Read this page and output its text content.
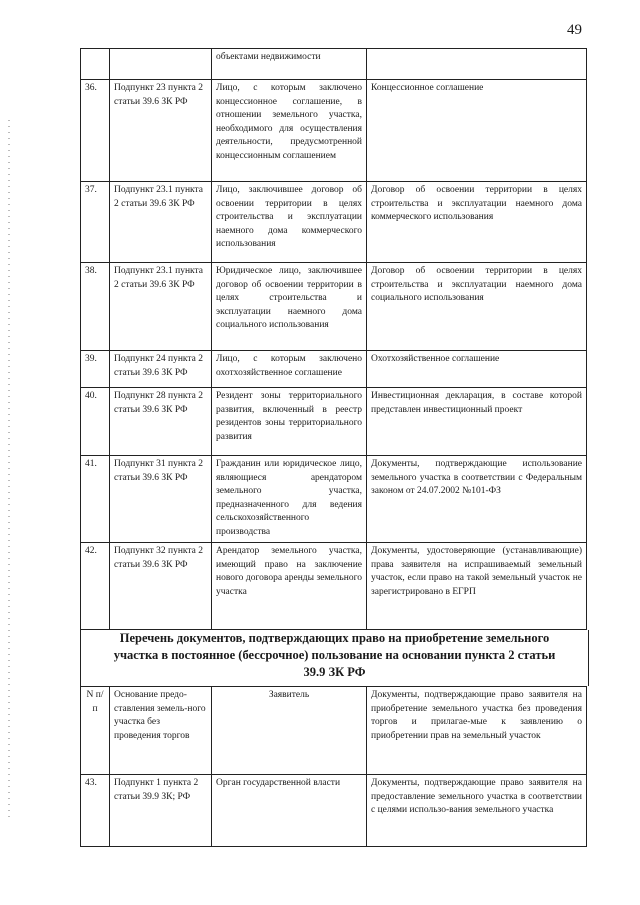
49
		объектами недвижимости	
36.	Подпункт 23 пункта 2 статьи 39.6 ЗК РФ	Лицо, с которым заключено концессионное соглашение, в отношении земельного участка, необходимого для осуществления деятельности, предусмотренной концессионным соглашением	Концессионное соглашение

37.	Подпункт 23.1 пункта 2 статьи 39.6 ЗК РФ	Лицо, заключившее договор об освоении территории в целях строительства и эксплуатации наемного дома коммерческого использования	Договор об освоении территории в целях строительства и эксплуатации наемного дома коммерческого использования

38.	Подпункт 23.1 пункта 2 статьи 39.6 ЗК РФ	Юридическое лицо, заключившее договор об освоении территории в целях строительства и эксплуатации наемного дома социального использования	Договор об освоении территории в целях строительства и эксплуатации наемного дома социального использования

39.	Подпункт 24 пункта 2 статьи 39.6 ЗК РФ	Лицо, с которым заключено охотхозяйственное соглашение	Охотхозяйственное соглашение

40.	Подпункт 28 пункта 2 статьи 39.6 ЗК РФ	Резидент зоны территориального развития, включенный в реестр резидентов зоны территориального развития	Инвестиционная декларация, в составе которой представлен инвестиционный проект

41.	Подпункт 31 пункта 2 статьи 39.6 ЗК РФ	Гражданин или юридическое лицо, являющиеся арендатором земельного участка, предназначенного для ведения сельскохозяйственного производства	Документы, подтверждающие использование земельного участка в соответствии с Федеральным законом от 24.07.2002 №101-ФЗ

42.	Подпункт 32 пункта 2 статьи 39.6 ЗК РФ	Арендатор земельного участка, имеющий право на заключение нового договора аренды земельного участка	Документы, удостоверяющие (устанавливающие) права заявителя на испрашиваемый земельный участок, если право на такой земельный участок не зарегистрировано в ЕГРП
Перечень документов, подтверждающих право на приобретение земельного
участка в постоянное (бессрочное) пользование на основании пункта 2 статьи
39.9 ЗК РФ
N п/п	Основание предо-ставления земель-ного участка без проведения торгов	Заявитель	Документы, подтверждающие право заявителя на приобретение земельного участка без проведения торгов и прилагае-мые к заявлению о приобретении прав на земельный участок

43.	Подпункт 1 пункта 2 статьи 39.9 ЗК; РФ	Орган государственной власти	Документы, подтверждающие право заявителя на предоставление земельного участка в соответствии с целями использо-вания земельного участка
